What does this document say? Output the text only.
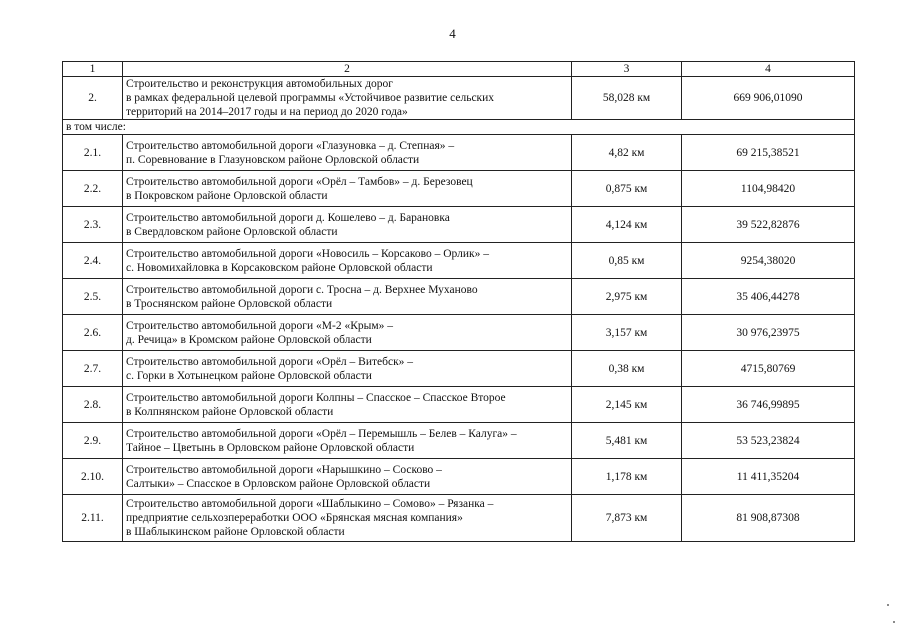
4
1	2	3	4
2.	Строительство и реконструкция автомобильных дорог
в рамках федеральной целевой программы «Устойчивое развитие сельских
территорий на 2014–2017 годы и на период до 2020 года»	58,028 км	669 906,01090
в том числе:			
2.1.	Строительство автомобильной дороги «Глазуновка – д. Степная» –
п. Соревнование в Глазуновском районе Орловской области	4,82 км	69 215,38521
2.2.	Строительство автомобильной дороги «Орёл – Тамбов» – д. Березовец
в Покровском районе Орловской области	0,875 км	1104,98420
2.3.	Строительство автомобильной дороги д. Кошелево – д. Барановка
в Свердловском районе Орловской области	4,124 км	39 522,82876
2.4.	Строительство автомобильной дороги «Новосиль – Корсаково – Орлик» –
с. Новомихайловка в Корсаковском районе Орловской области	0,85 км	9254,38020
2.5.	Строительство автомобильной дороги с. Тросна – д. Верхнее Муханово
в Троснянском районе Орловской области	2,975 км	35 406,44278
2.6.	Строительство автомобильной дороги «М-2 «Крым» –
д. Речица» в Кромском районе Орловской области	3,157 км	30 976,23975
2.7.	Строительство автомобильной дороги «Орёл – Витебск» –
с. Горки в Хотынецком районе Орловской области	0,38 км	4715,80769
2.8.	Строительство автомобильной дороги Колпны – Спасское – Спасское Второе
в Колпнянском районе Орловской области	2,145 км	36 746,99895
2.9.	Строительство автомобильной дороги «Орёл – Перемышль – Белев – Калуга» –
Тайное – Цветынь в Орловском районе Орловской области	5,481 км	53 523,23824
2.10.	Строительство автомобильной дороги «Нарышкино – Сосково –
Салтыки» – Спасское в Орловском районе Орловской области	1,178 км	11 411,35204
2.11.	Строительство автомобильной дороги «Шаблыкино – Сомово» – Рязанка –
предприятие сельхозпереработки ООО «Брянская мясная компания»
в Шаблыкинском районе Орловской области	7,873 км	81 908,87308
